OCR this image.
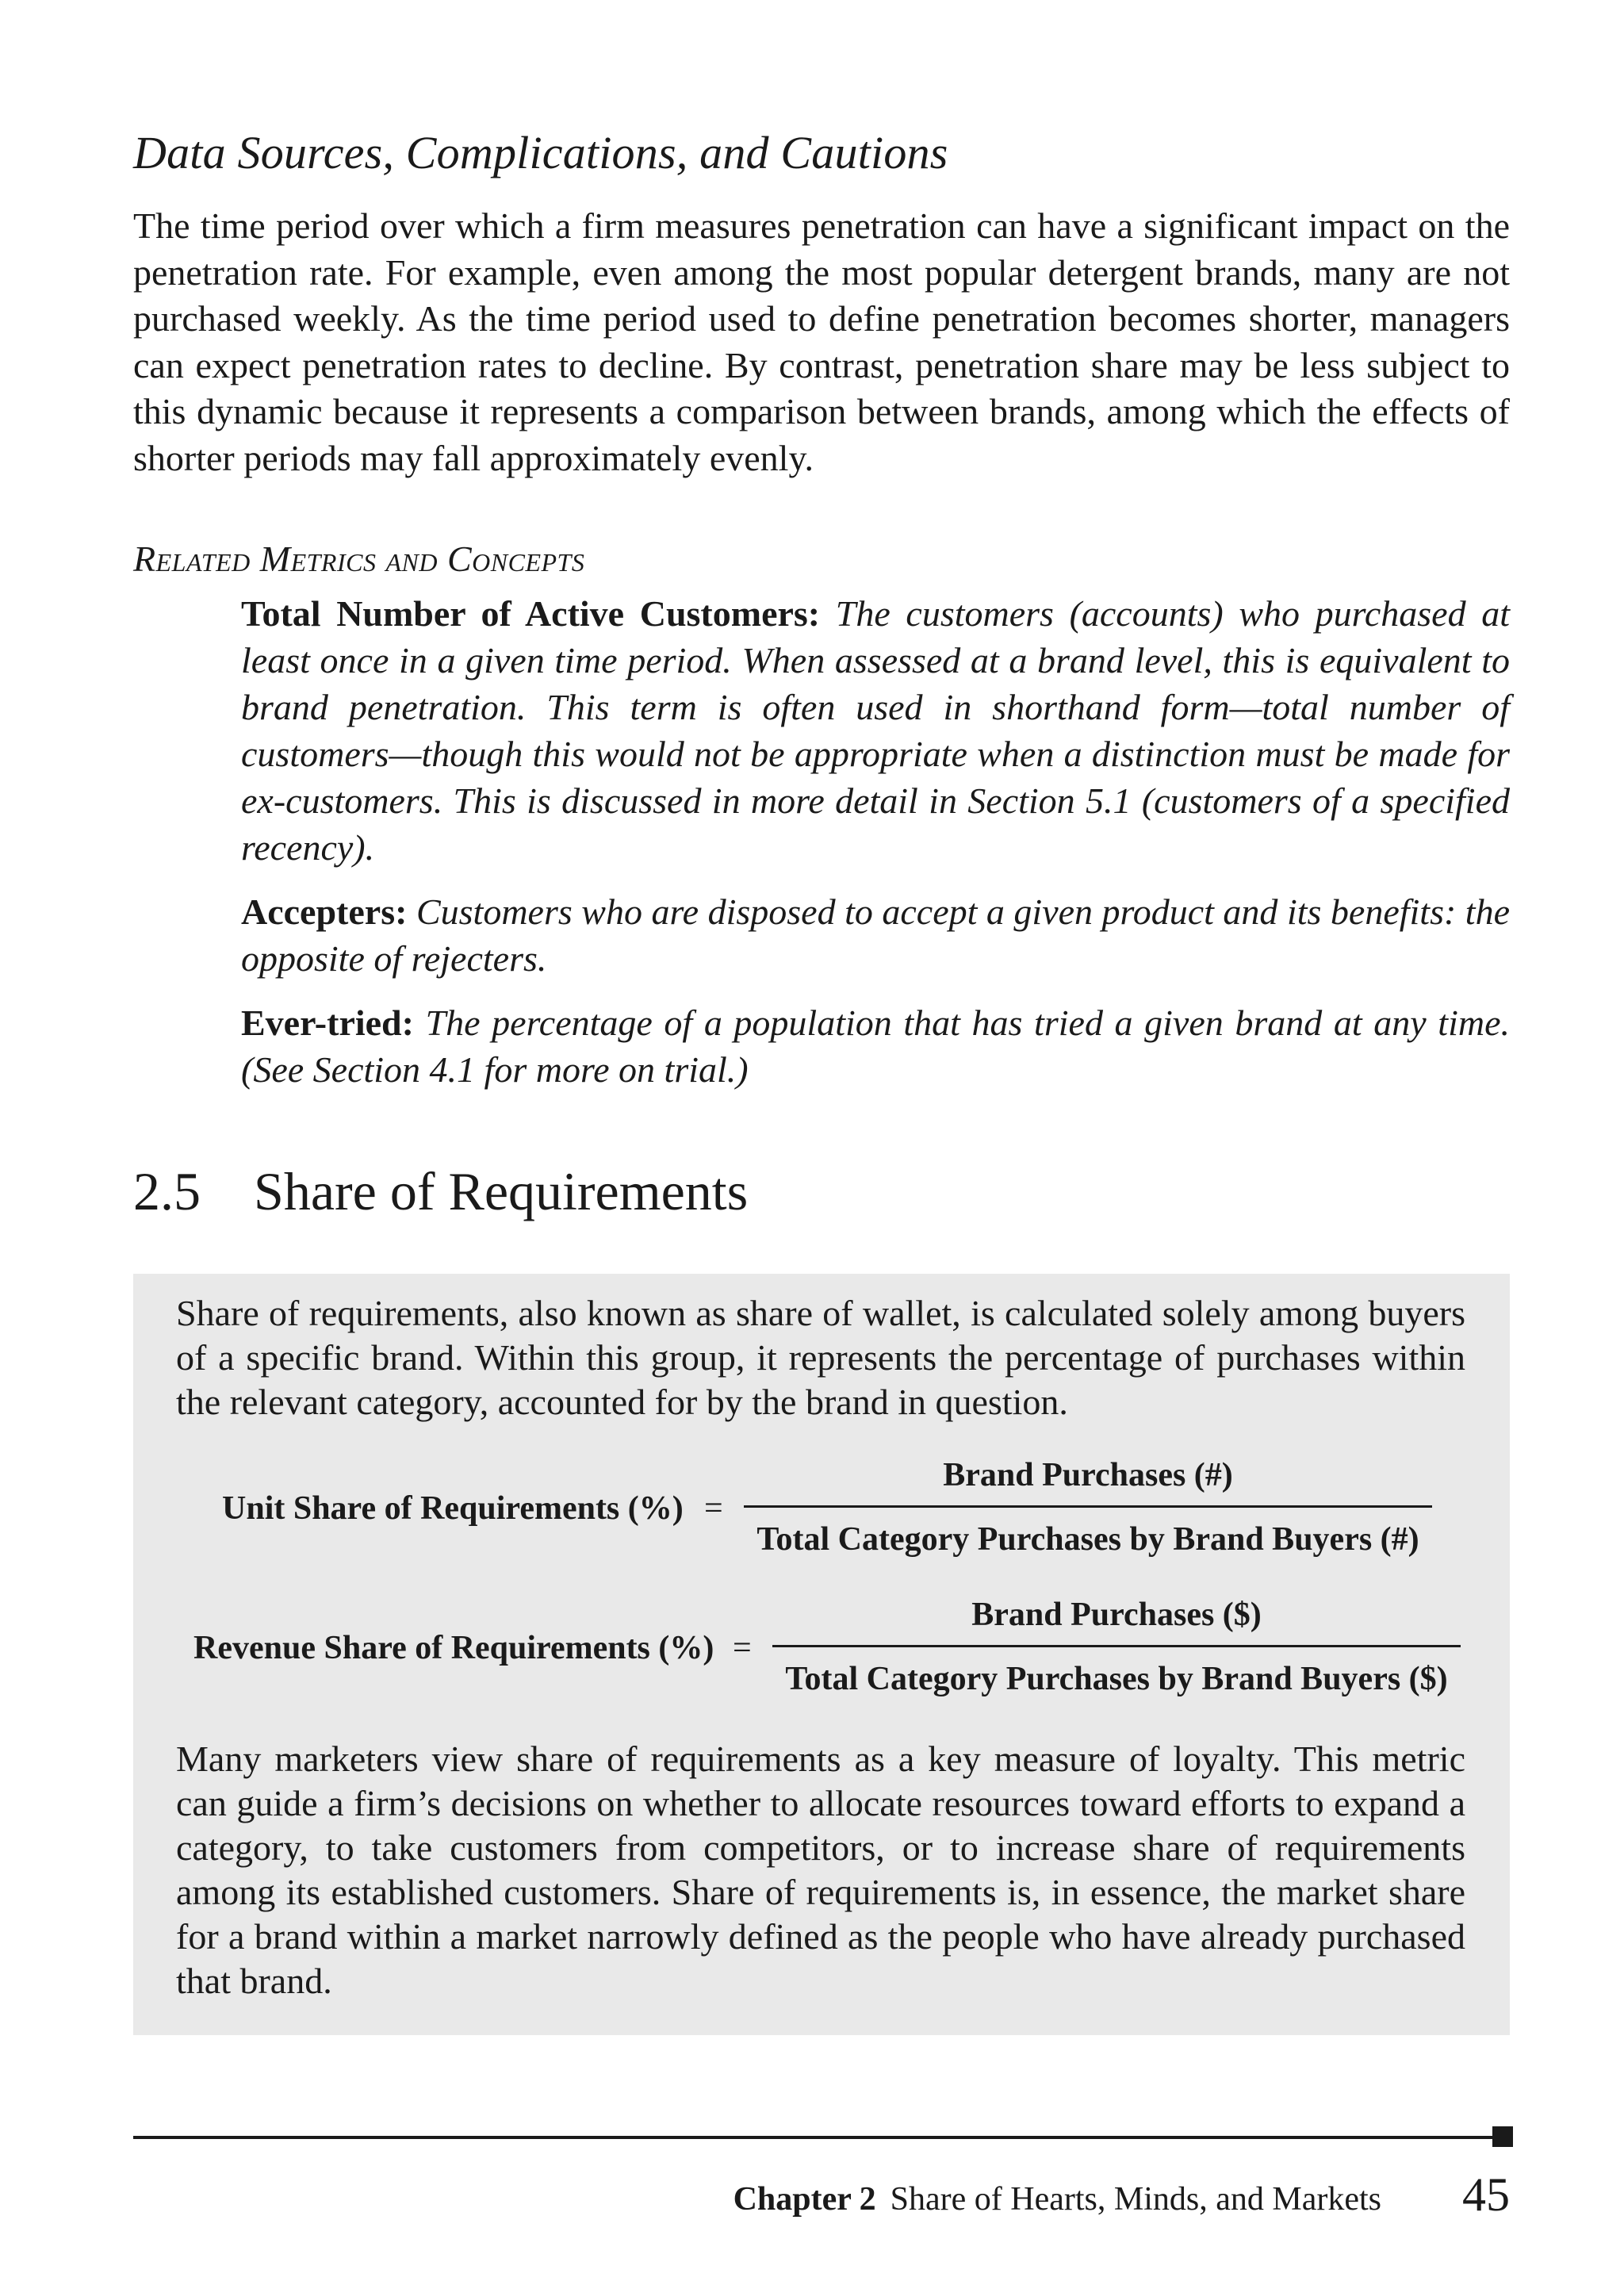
Data Sources, Complications, and Cautions

The time period over which a firm measures penetration can have a significant impact on the penetration rate. For example, even among the most popular detergent brands, many are not purchased weekly. As the time period used to define penetration becomes shorter, managers can expect penetration rates to decline. By contrast, penetration share may be less subject to this dynamic because it represents a comparison between brands, among which the effects of shorter periods may fall approximately evenly.

Related Metrics and Concepts

Total Number of Active Customers: The customers (accounts) who purchased at least once in a given time period. When assessed at a brand level, this is equivalent to brand penetration. This term is often used in shorthand form—total number of customers—though this would not be appropriate when a distinction must be made for ex-customers. This is discussed in more detail in Section 5.1 (customers of a specified recency).

Accepters: Customers who are disposed to accept a given product and its benefits: the opposite of rejecters.

Ever-tried: The percentage of a population that has tried a given brand at any time. (See Section 4.1 for more on trial.)

2.5 Share of Requirements

Share of requirements, also known as share of wallet, is calculated solely among buyers of a specific brand. Within this group, it represents the percentage of purchases within the relevant category, accounted for by the brand in question.

Unit Share of Requirements (%) =
Brand Purchases (#)
Total Category Purchases by Brand Buyers (#)
Revenue Share of Requirements (%) =
Brand Purchases ($)
Total Category Purchases by Brand Buyers ($)

Many marketers view share of requirements as a key measure of loyalty. This metric can guide a firm’s decisions on whether to allocate resources toward efforts to expand a category, to take customers from competitors, or to increase share of requirements among its established customers. Share of requirements is, in essence, the market share for a brand within a market narrowly defined as the people who have already purchased that brand.

Chapter 2 Share of Hearts, Minds, and Markets 45
